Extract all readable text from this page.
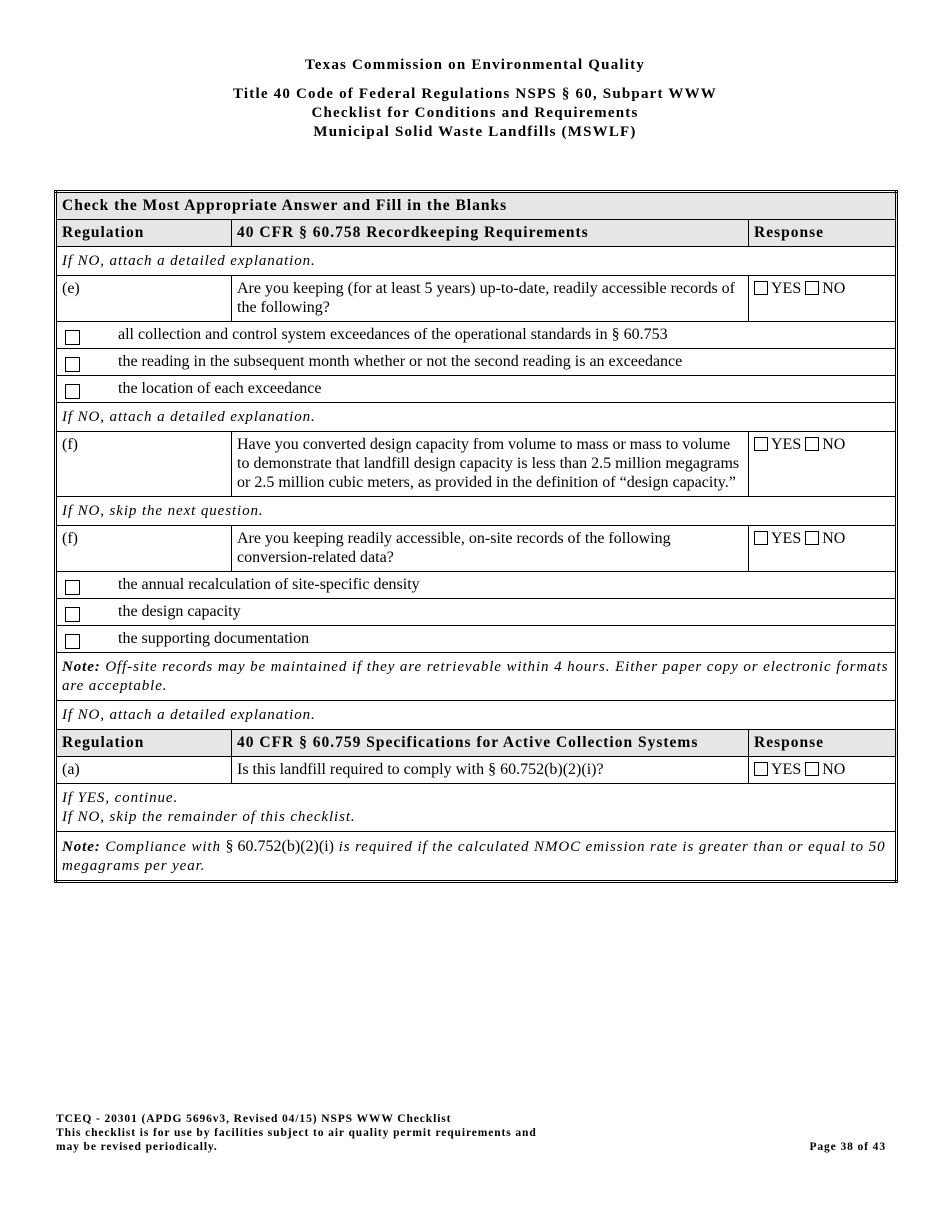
Texas Commission on Environmental Quality
Title 40 Code of Federal Regulations NSPS § 60, Subpart WWW
Checklist for Conditions and Requirements
Municipal Solid Waste Landfills (MSWLF)
Check the Most Appropriate Answer and Fill in the Blanks		
Regulation	40 CFR § 60.758 Recordkeeping Requirements	Response
If NO, attach a detailed explanation.		
(e)	Are you keeping (for at least 5 years) up-to-date, readily accessible records of the following?	YES NO

all collection and control system exceedances of the operational standards in § 60.753		

the reading in the subsequent month whether or not the second reading is an exceedance		

the location of each exceedance		
If NO, attach a detailed explanation.		
(f)	Have you converted design capacity from volume to mass or mass to volume to demonstrate that landfill design capacity is less than 2.5 million megagrams or 2.5 million cubic meters, as provided in the definition of “design capacity.”	YES NO
If NO, skip the next question.		
(f)	Are you keeping readily accessible, on-site records of the following conversion-related data?	YES NO

the annual recalculation of site-specific density		

the design capacity		

the supporting documentation		
Note: Off-site records may be maintained if they are retrievable within 4 hours. Either paper copy or electronic formats are acceptable.		
If NO, attach a detailed explanation.		
Regulation	40 CFR § 60.759 Specifications for Active Collection Systems	Response
(a)	Is this landfill required to comply with § 60.752(b)(2)(i)?	YES NO

If YES, continue.
If NO, skip the remainder of this checklist.		

Note: Compliance with § 60.752(b)(2)(i) is required if the calculated NMOC emission rate is greater than or equal to 50 megagrams per year.		
TCEQ - 20301 (APDG 5696v3, Revised 04/15) NSPS WWW Checklist
This checklist is for use by facilities subject to air quality permit requirements and
may be revised periodically.	Page 38 of 43
